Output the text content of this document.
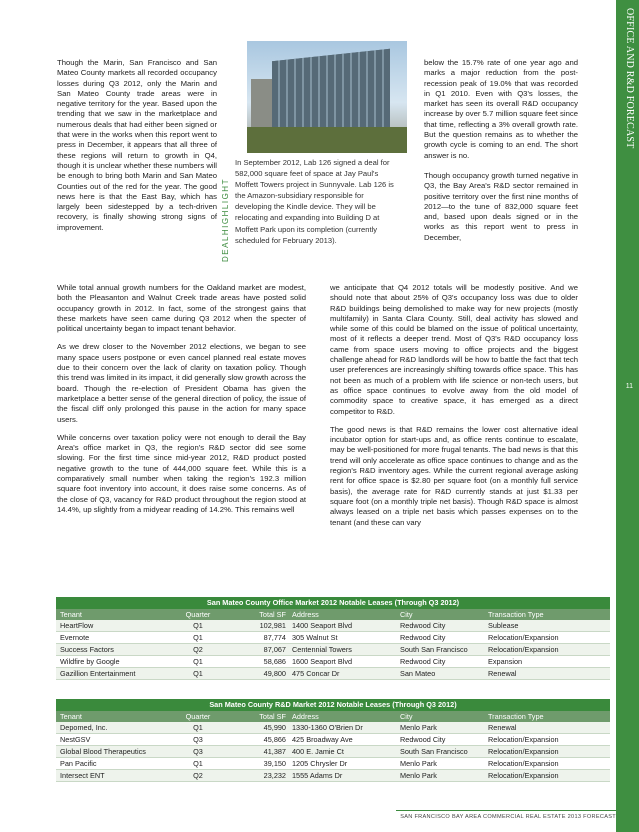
OFFICE AND R&D FORECAST
11

Though the Marin, San Francisco and San Mateo County markets all recorded occupancy losses during Q3 2012, only the Marin and San Mateo County trade areas were in negative territory for the year. Based upon the trending that we saw in the marketplace and numerous deals that had either been signed or that were in the works when this report went to press in December, it appears that all three of these regions will return to growth in Q4, though it is unclear whether these numbers will be enough to bring both Marin and San Mateo Counties out of the red for the year. The good news here is that the East Bay, which has largely been sidestepped by a tech-driven recovery, is finally showing strong signs of improvement.

While total annual growth numbers for the Oakland market are modest, both the Pleasanton and Walnut Creek trade areas have posted solid occupancy growth in 2012. In fact, some of the strongest gains that these markets have seen came during Q3 2012 when the specter of political uncertainty began to impact tenant behavior.

As we drew closer to the November 2012 elections, we began to see many space users postpone or even cancel planned real estate moves due to their concern over the lack of clarity on taxation policy. Though this trend was limited in its impact, it did generally slow growth across the board. Though the re-election of President Obama has given the marketplace a better sense of the general direction of policy, the issue of the fiscal cliff only prolonged this pause in the action for many space users.

While concerns over taxation policy were not enough to derail the Bay Area's office market in Q3, the region's R&D sector did see some slowing. For the first time since mid-year 2012, R&D product posted negative growth to the tune of 444,000 square feet. While this is a comparatively small number when taking the region's 192.3 million square foot inventory into account, it does raise some concerns. As of the close of Q3, vacancy for R&D product throughout the region stood at 14.4%, up slightly from a midyear reading of 14.2%. This remains well

DEALHIGHLIGHT
In September 2012, Lab 126 signed a deal for 582,000 square feet of space at Jay Paul's Moffett Towers project in Sunnyvale. Lab 126 is the Amazon-subsidiary responsible for developing the Kindle device. They will be relocating and expanding into Building D at Moffett Park upon its completion (currently scheduled for February 2013).

below the 15.7% rate of one year ago and marks a major reduction from the post-recession peak of 19.0% that was recorded in Q1 2010. Even with Q3's losses, the market has seen its overall R&D occupancy increase by over 5.7 million square feet since that time, reflecting a 3% overall growth rate. But the question remains as to whether the growth cycle is coming to an end. The short answer is no.

Though occupancy growth turned negative in Q3, the Bay Area's R&D sector remained in positive territory over the first nine months of 2012—to the tune of 832,000 square feet and, based upon deals signed or in the works as this report went to press in December,

we anticipate that Q4 2012 totals will be modestly positive. And we should note that about 25% of Q3's occupancy loss was due to older R&D buildings being demolished to make way for new projects (mostly multifamily) in Santa Clara County. Still, deal activity has slowed and while some of this could be blamed on the issue of political uncertainty, most of it reflects a deeper trend. Most of Q3's R&D occupancy loss came from space users moving to office projects and the biggest challenge ahead for R&D landlords will be how to battle the fact that tech user preferences are increasingly shifting towards office space. This has not been as much of a problem with life science or non-tech users, but as office space continues to evolve away from the old model of commodity space to creative space, it has emerged as a direct competitor to R&D.

The good news is that R&D remains the lower cost alternative ideal incubator option for start-ups and, as office rents continue to escalate, may be well-positioned for more frugal tenants. The bad news is that this trend will only accelerate as office space continues to change and as the region's R&D inventory ages. While the current regional average asking rent for office space is $2.80 per square foot (on a monthly full service basis), the average rate for R&D currently stands at just $1.33 per square foot (on a monthly triple net basis). Though R&D space is almost always leased on a triple net basis which passes expenses on to the tenant (and these can vary

San Mateo County Office Market 2012 Notable Leases (Through Q3 2012)
Tenant	Quarter	Total SF Address	City	Transaction Type
HeartFlow	Q1	102,981 1400 Seaport Blvd	Redwood City	Sublease
Evernote	Q1	87,774 305 Walnut St	Redwood City	Relocation/Expansion
Success Factors	Q2	87,067 Centennial Towers	South San Francisco	Relocation/Expansion
Wildfire by Google	Q1	58,686 1600 Seaport Blvd	Redwood City	Expansion
Gazillion Entertainment	Q1	49,800 475 Concar Dr	San Mateo	Renewal
San Mateo County R&D Market 2012 Notable Leases (Through Q3 2012)
Tenant	Quarter	Total SF Address	City	Transaction Type
Depomed, Inc.	Q1	45,990 1330-1360 O'Brien Dr	Menlo Park	Renewal
NestGSV	Q3	45,866 425 Broadway Ave	Redwood City	Relocation/Expansion
Global Blood Therapeutics	Q3	41,387 400 E. Jamie Ct	South San Francisco	Relocation/Expansion
Pan Pacific	Q1	39,150 1205 Chrysler Dr	Menlo Park	Relocation/Expansion
Intersect ENT	Q2	23,232 1555 Adams Dr	Menlo Park	Relocation/Expansion
SAN FRANCISCO BAY AREA COMMERCIAL REAL ESTATE 2013 FORECAST
